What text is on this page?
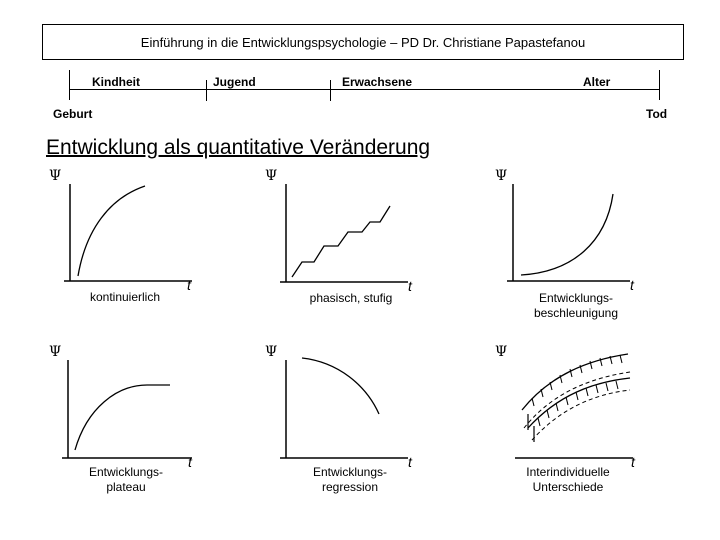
Einführung in die Entwicklungspsychologie – PD Dr. Christiane Papastefanou
Kindheit	Jugend	Erwachsene	Alter
Geburt	Tod
Entwicklung als quantitative Veränderung
Ψ
t
kontinuierlich
Ψ
t
phasisch, stufig
Ψ
t
Entwicklungs-
beschleunigung
Ψ
t
Entwicklungs-
plateau
Ψ
t
Entwicklungs-
regression
Ψ
t
Interindividuelle
Unterschiede
